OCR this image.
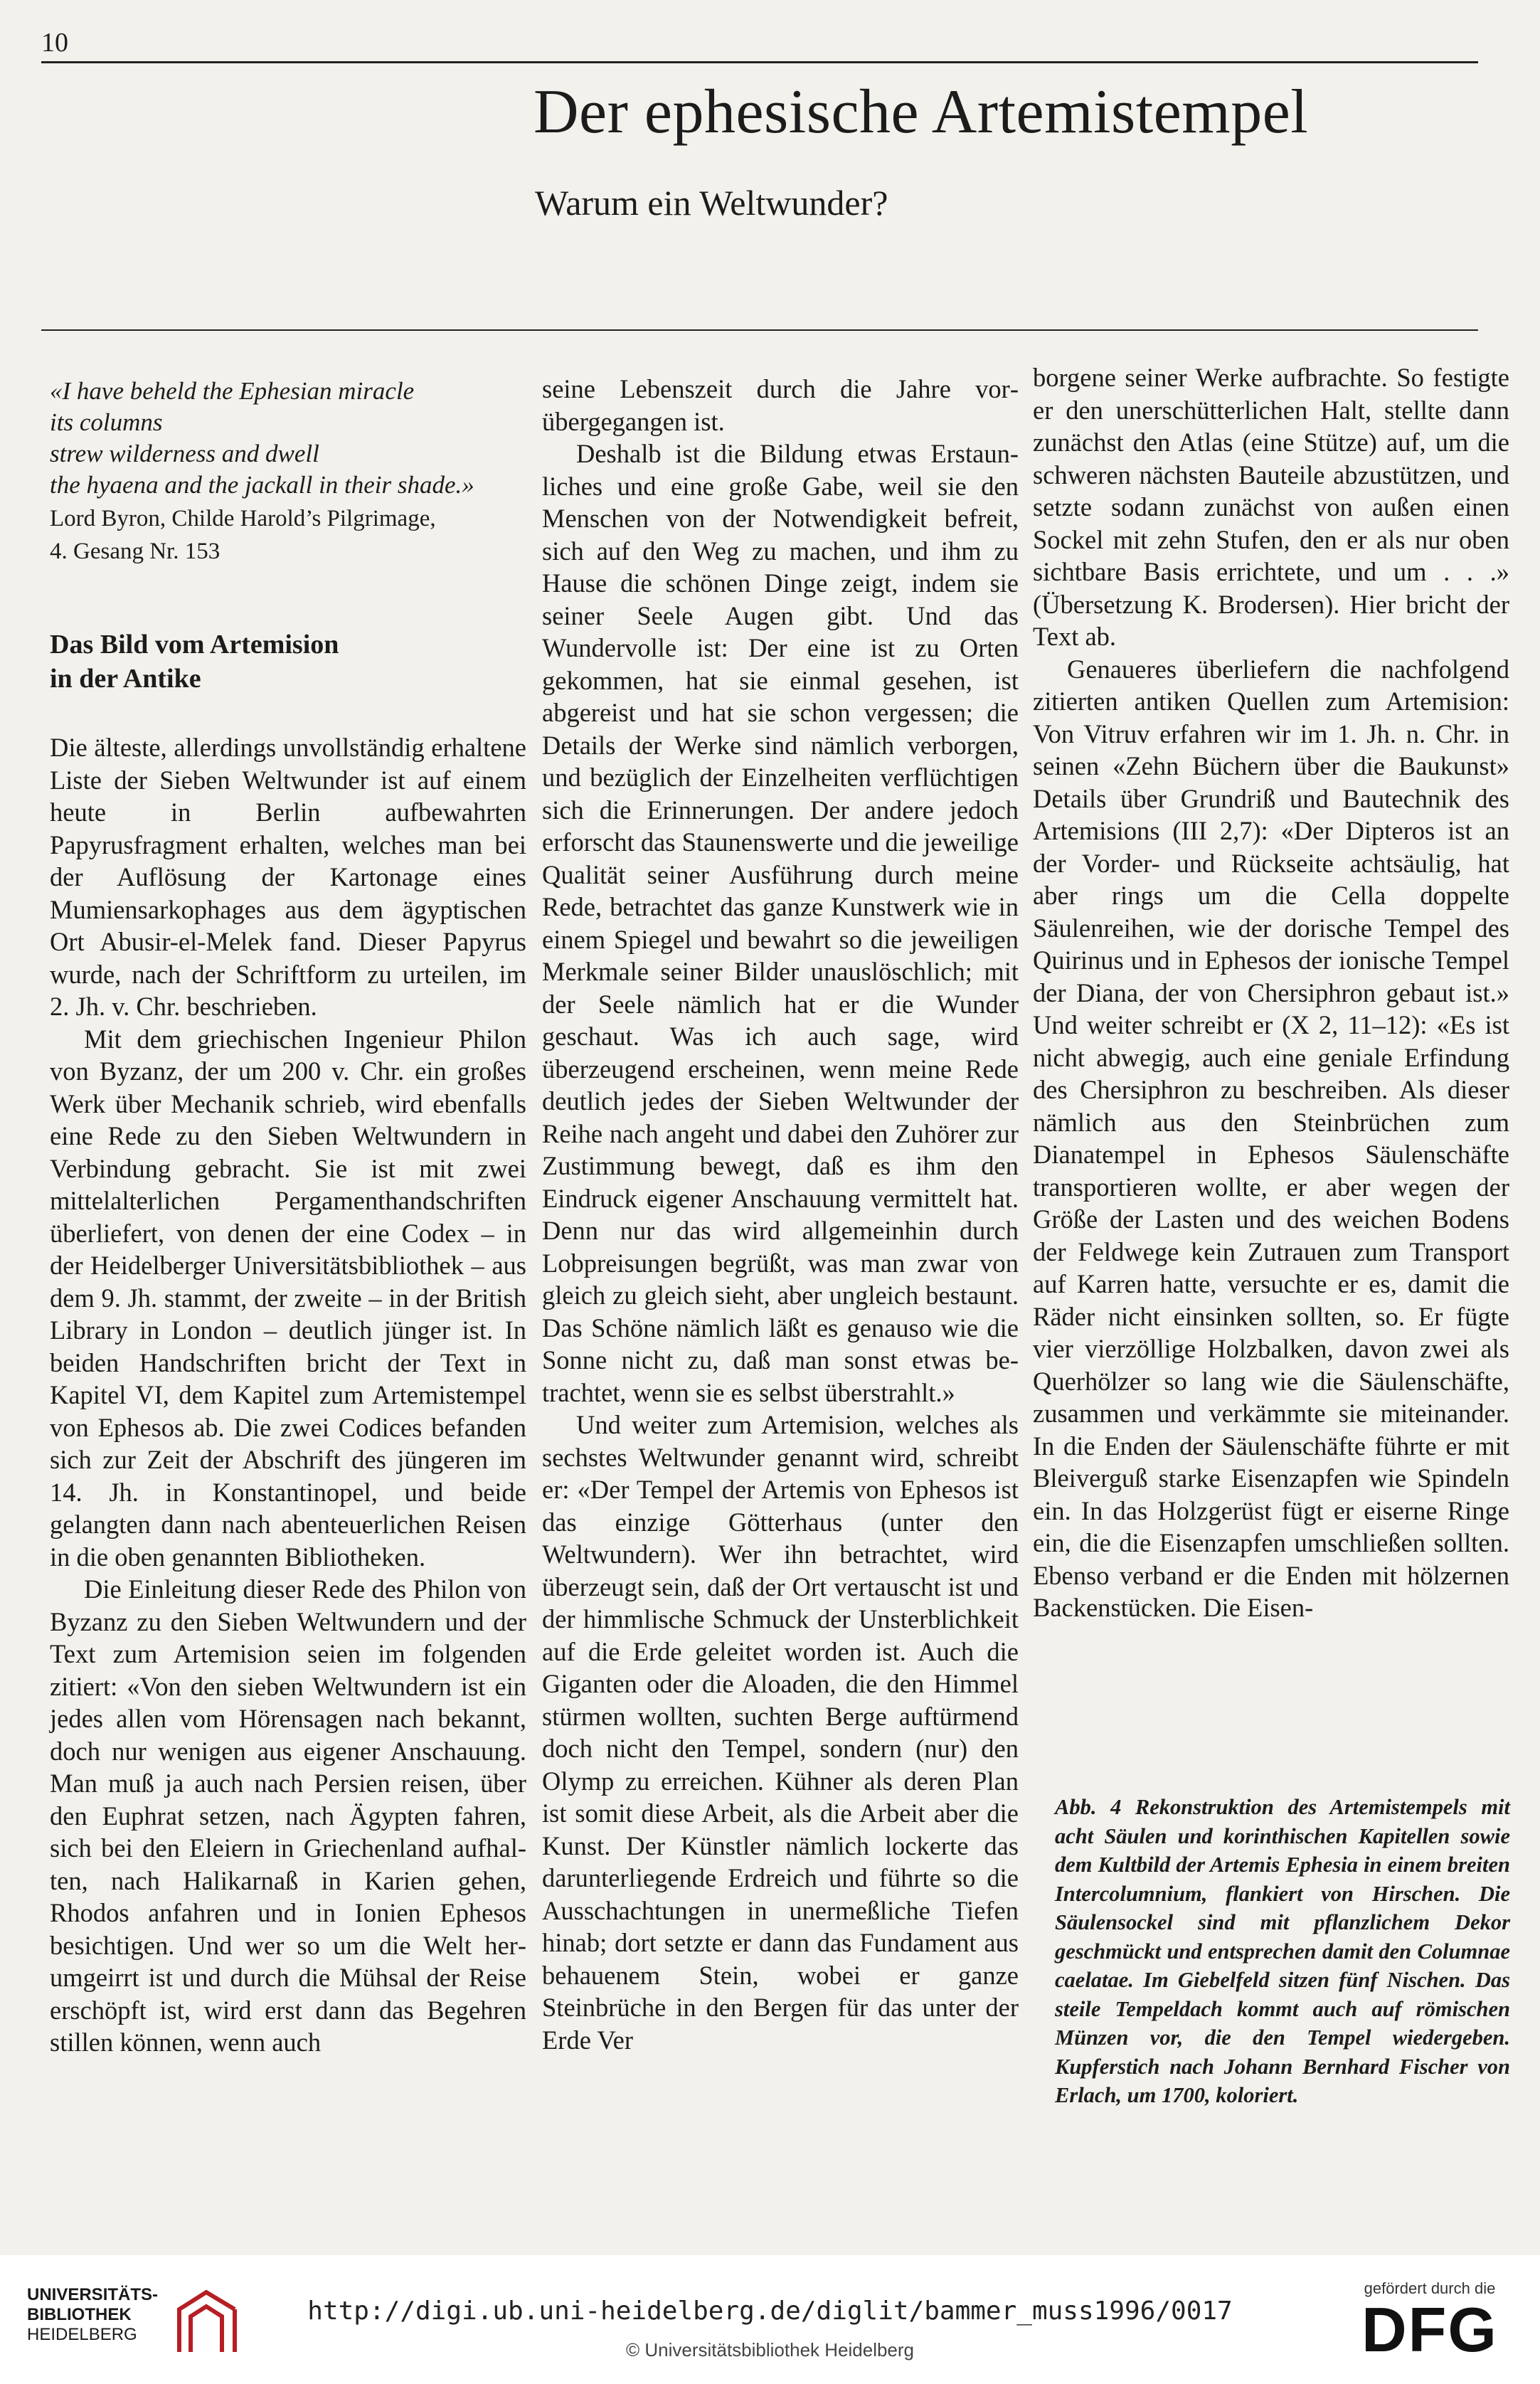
10
Der ephesische Artemistempel
Warum ein Weltwunder?
«I have beheld the Ephesian miracle
its columns
strew wilderness and dwell
the hyaena and the jackall in their shade.»
Lord Byron, Childe Harold’s Pilgrimage,
4. Gesang Nr. 153
Das Bild vom Artemision
in der Antike

Die älteste, allerdings unvollständig erhaltene Liste der Sieben Weltwunder ist auf einem heute in Berlin aufbewahrten Papyrusfragment erhalten, welches man bei der Auflösung der Kartonage eines Mumiensarkophages aus dem ägyptischen Ort Abusir-el-Melek fand. Dieser Papyrus wurde, nach der Schriftform zu urteilen, im 2. Jh. v. Chr. beschrieben.

Mit dem griechischen Ingenieur Philon von Byzanz, der um 200 v. Chr. ein großes Werk über Mechanik schrieb, wird ebenfalls eine Rede zu den Sieben Weltwundern in Verbindung gebracht. Sie ist mit zwei mittelalterlichen Pergamenthandschriften überliefert, von denen der eine Codex – in der Heidelberger Universitätsbibliothek – aus dem 9. Jh. stammt, der zweite – in der British Library in London – deutlich jünger ist. In beiden Handschriften bricht der Text in Kapitel VI, dem Kapitel zum Artemistempel von Ephesos ab. Die zwei Codices befanden sich zur Zeit der Abschrift des jüngeren im 14. Jh. in Konstantinopel, und beide gelangten dann nach abenteuerlichen Reisen in die oben genannten Bibliotheken.

Die Einleitung dieser Rede des Philon von Byzanz zu den Sieben Weltwundern und der Text zum Artemision seien im folgenden zitiert: «Von den sieben Weltwundern ist ein jedes allen vom Hörensagen nach bekannt, doch nur wenigen aus eigener Anschauung. Man muß ja auch nach Persien reisen, über den Euphrat setzen, nach Ägypten fahren, sich bei den Eleiern in Griechenland aufhalten, nach Halikarnaß in Karien gehen, Rhodos anfahren und in Ionien Ephesos besichtigen. Und wer so um die Welt herumgeirrt ist und durch die Mühsal der Reise erschöpft ist, wird erst dann das Begehren stillen können, wenn auch

seine Lebenszeit durch die Jahre vorübergegangen ist.

Deshalb ist die Bildung etwas Erstaunliches und eine große Gabe, weil sie den Menschen von der Notwendigkeit befreit, sich auf den Weg zu machen, und ihm zu Hause die schönen Dinge zeigt, indem sie seiner Seele Augen gibt. Und das Wundervolle ist: Der eine ist zu Orten gekommen, hat sie einmal gesehen, ist abgereist und hat sie schon vergessen; die Details der Werke sind nämlich verborgen, und bezüglich der Einzelheiten verflüchtigen sich die Erinnerungen. Der andere jedoch erforscht das Staunenswerte und die jeweilige Qualität seiner Ausführung durch meine Rede, betrachtet das ganze Kunstwerk wie in einem Spiegel und bewahrt so die jeweiligen Merkmale seiner Bilder unauslöschlich; mit der Seele nämlich hat er die Wunder geschaut. Was ich auch sage, wird überzeugend erscheinen, wenn meine Rede deutlich jedes der Sieben Weltwunder der Reihe nach angeht und dabei den Zuhörer zur Zustimmung bewegt, daß es ihm den Eindruck eigener Anschauung vermittelt hat. Denn nur das wird allgemeinhin durch Lobpreisungen begrüßt, was man zwar von gleich zu gleich sieht, aber ungleich bestaunt. Das Schöne nämlich läßt es genauso wie die Sonne nicht zu, daß man sonst etwas betrachtet, wenn sie es selbst überstrahlt.»

Und weiter zum Artemision, welches als sechstes Weltwunder genannt wird, schreibt er: «Der Tempel der Artemis von Ephesos ist das einzige Götterhaus (unter den Weltwundern). Wer ihn betrachtet, wird überzeugt sein, daß der Ort vertauscht ist und der himmlische Schmuck der Unsterblichkeit auf die Erde geleitet worden ist. Auch die Giganten oder die Aloaden, die den Himmel stürmen wollten, suchten Berge auftürmend doch nicht den Tempel, sondern (nur) den Olymp zu erreichen. Kühner als deren Plan ist somit diese Arbeit, als die Arbeit aber die Kunst. Der Künstler nämlich lockerte das darunterliegende Erdreich und führte so die Ausschachtungen in unermeßliche Tiefen hinab; dort setzte er dann das Fundament aus behauenem Stein, wobei er ganze Steinbrüche in den Bergen für das unter der Erde Ver

borgene seiner Werke aufbrachte. So festigte er den unerschütterlichen Halt, stellte dann zunächst den Atlas (eine Stütze) auf, um die schweren nächsten Bauteile abzustützen, und setzte sodann zunächst von außen einen Sockel mit zehn Stufen, den er als nur oben sichtbare Basis errichtete, und um . . .» (Übersetzung K. Brodersen). Hier bricht der Text ab.

Genaueres überliefern die nachfolgend zitierten antiken Quellen zum Artemision: Von Vitruv erfahren wir im 1. Jh. n. Chr. in seinen «Zehn Büchern über die Baukunst» Details über Grundriß und Bautechnik des Artemisions (III 2,7): «Der Dipteros ist an der Vorder- und Rückseite achtsäulig, hat aber rings um die Cella doppelte Säulenreihen, wie der dorische Tempel des Quirinus und in Ephesos der ionische Tempel der Diana, der von Chersiphron gebaut ist.» Und weiter schreibt er (X 2, 11–12): «Es ist nicht abwegig, auch eine geniale Erfindung des Chersiphron zu beschreiben. Als dieser nämlich aus den Steinbrüchen zum Dianatempel in Ephesos Säulenschäfte transportieren wollte, er aber wegen der Größe der Lasten und des weichen Bodens der Feldwege kein Zutrauen zum Transport auf Karren hatte, versuchte er es, damit die Räder nicht einsinken sollten, so. Er fügte vier vierzöllige Holzbalken, davon zwei als Querhölzer so lang wie die Säulenschäfte, zusammen und verkämmte sie miteinander. In die Enden der Säulenschäfte führte er mit Bleiverguß starke Eisenzapfen wie Spindeln ein. In das Holzgerüst fügt er eiserne Ringe ein, die die Eisenzapfen umschließen sollten. Ebenso verband er die Enden mit hölzernen Backenstücken. Die Eisen-

Abb. 4 Rekonstruktion des Artemistempels mit acht Säulen und korinthischen Kapitellen sowie dem Kultbild der Artemis Ephesia in einem breiten Intercolumnium, flankiert von Hirschen. Die Säulensockel sind mit pflanzlichem Dekor geschmückt und entsprechen damit den Columnae caelatae. Im Giebelfeld sitzen fünf Nischen. Das steile Tempeldach kommt auch auf römischen Münzen vor, die den Tempel wiedergeben. Kupferstich nach Johann Bernhard Fischer von Erlach, um 1700, koloriert.
UNIVERSITÄTS-
BIBLIOTHEK
HEIDELBERG
http://digi.ub.uni-heidelberg.de/diglit/bammer_muss1996/0017
© Universitätsbibliothek Heidelberg
gefördert durch die
DFG
